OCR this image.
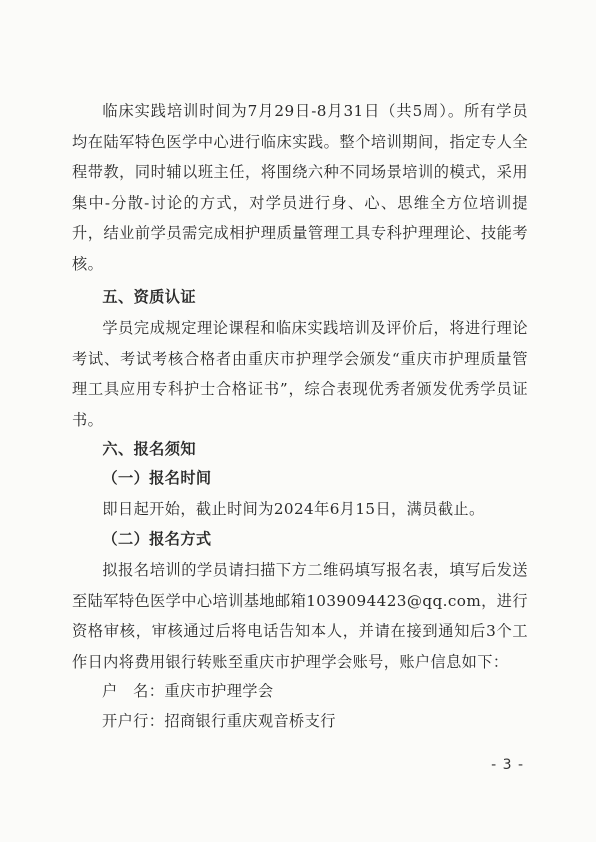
临床实践培训时间为7月29日-8月31日（共5周）。所有学员均在陆军特色医学中心进行临床实践。整个培训期间，指定专人全程带教，同时辅以班主任，将围绕六种不同场景培训的模式，采用集中-分散-讨论的方式，对学员进行身、心、思维全方位培训提升，结业前学员需完成相护理质量管理工具专科护理理论、技能考核。

五、资质认证

学员完成规定理论课程和临床实践培训及评价后，将进行理论考试、考试考核合格者由重庆市护理学会颁发“重庆市护理质量管理工具应用专科护士合格证书”，综合表现优秀者颁发优秀学员证书。

六、报名须知

（一）报名时间

即日起开始，截止时间为2024年6月15日，满员截止。

（二）报名方式

拟报名培训的学员请扫描下方二维码填写报名表，填写后发送至陆军特色医学中心培训基地邮箱1039094423@qq.com，进行资格审核，审核通过后将电话告知本人，并请在接到通知后3个工作日内将费用银行转账至重庆市护理学会账号，账户信息如下：

户　名：重庆市护理学会
开户行：招商银行重庆观音桥支行
- 3 -
